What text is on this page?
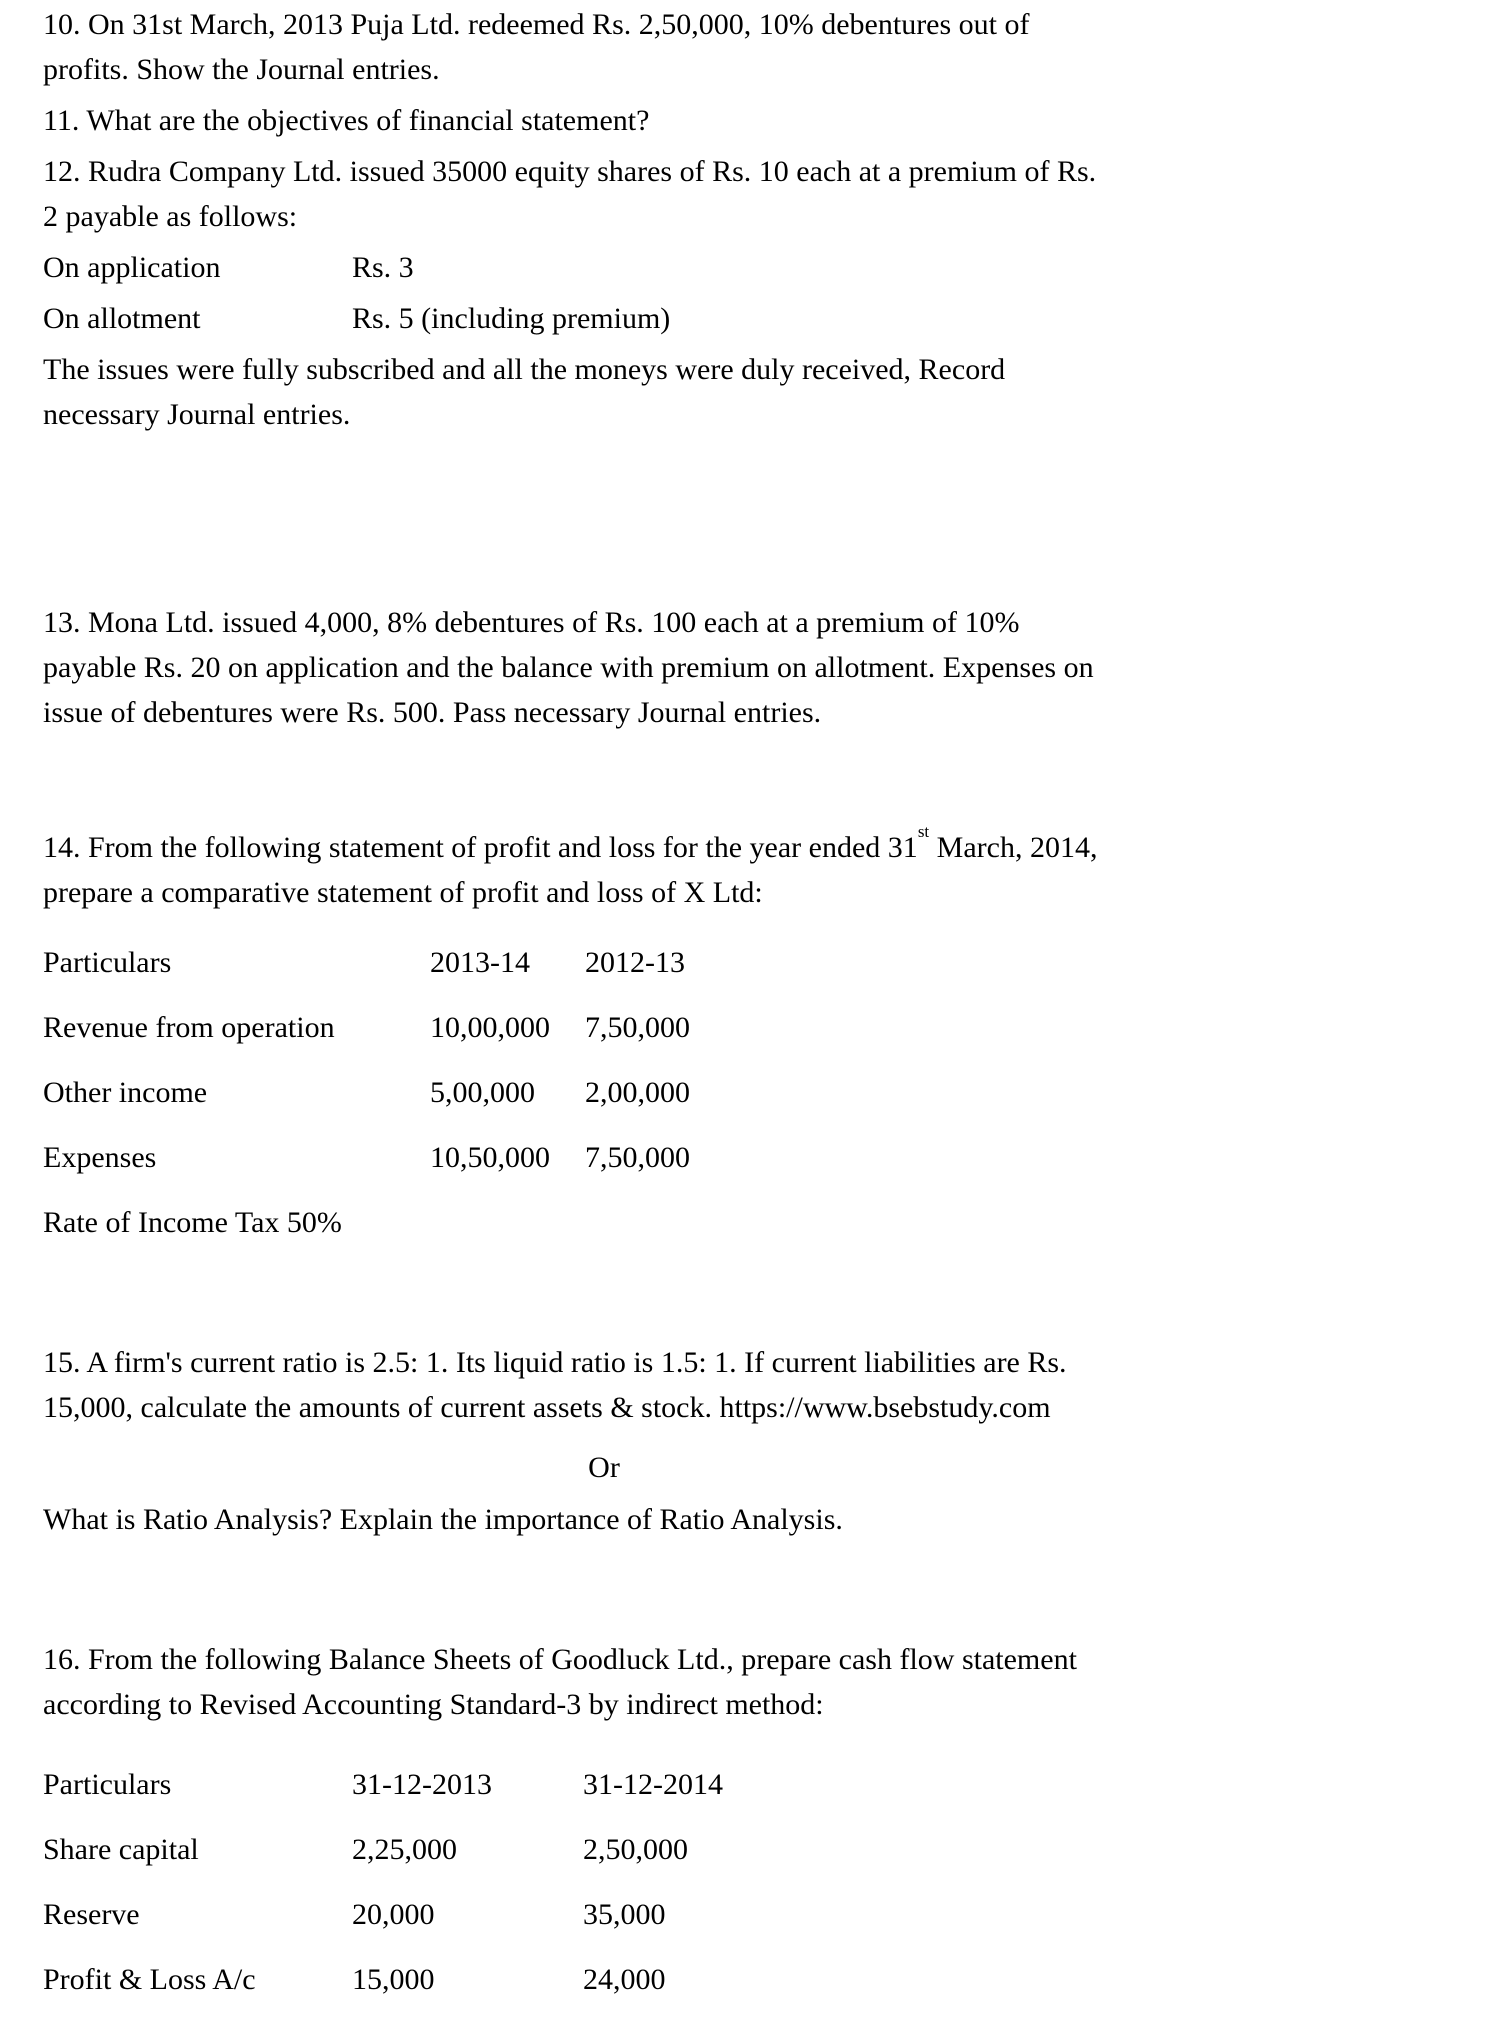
10. On 31st March, 2013 Puja Ltd. redeemed Rs. 2,50,000, 10% debentures out of
profits. Show the Journal entries.
11. What are the objectives of financial statement?
12. Rudra Company Ltd. issued 35000 equity shares of Rs. 10 each at a premium of Rs.
2 payable as follows:
On application	Rs. 3
On allotment	Rs. 5 (including premium)
The issues were fully subscribed and all the moneys were duly received, Record
necessary Journal entries.
13. Mona Ltd. issued 4,000, 8% debentures of Rs. 100 each at a premium of 10%
payable Rs. 20 on application and the balance with premium on allotment. Expenses on
issue of debentures were Rs. 500. Pass necessary Journal entries.
14. From the following statement of profit and loss for the year ended 31st March, 2014,
prepare a comparative statement of profit and loss of X Ltd:
Particulars	2013-14	2012-13
Revenue from operation	10,00,000	7,50,000
Other income	5,00,000	2,00,000
Expenses	10,50,000	7,50,000
Rate of Income Tax 50%
15. A firm's current ratio is 2.5: 1. Its liquid ratio is 1.5: 1. If current liabilities are Rs.
15,000, calculate the amounts of current assets & stock. https://www.bsebstudy.com
Or
What is Ratio Analysis? Explain the importance of Ratio Analysis.
16. From the following Balance Sheets of Goodluck Ltd., prepare cash flow statement
according to Revised Accounting Standard-3 by indirect method:
Particulars	31-12-2013	31-12-2014
Share capital	2,25,000	2,50,000
Reserve	20,000	35,000
Profit & Loss A/c	15,000	24,000
